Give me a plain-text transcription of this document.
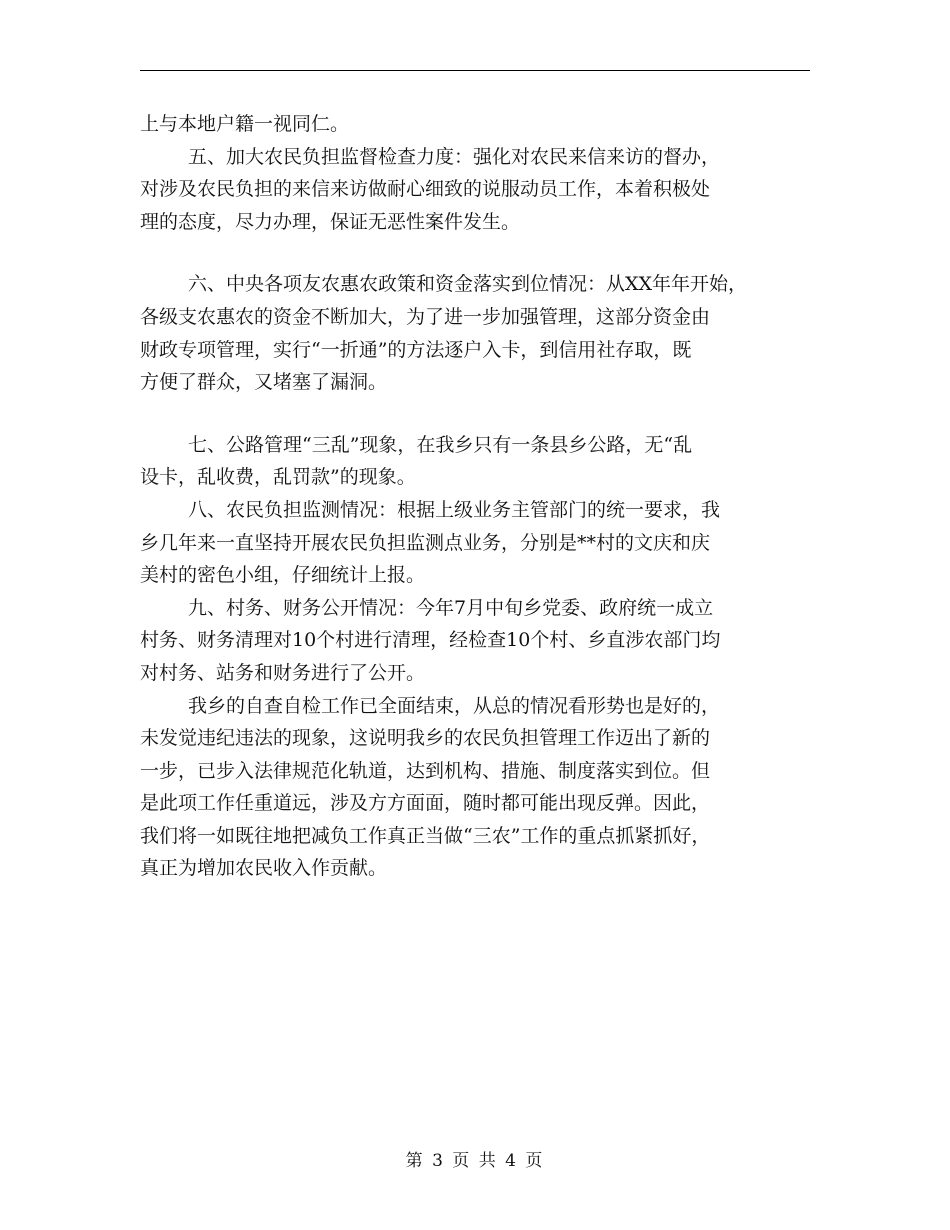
上与本地户籍一视同仁。
五、加大农民负担监督检查力度：强化对农民来信来访的督办，
对涉及农民负担的来信来访做耐心细致的说服动员工作，本着积极处
理的态度，尽力办理，保证无恶性案件发生。
六、中央各项友农惠农政策和资金落实到位情况：从XX年年开始，
各级支农惠农的资金不断加大，为了进一步加强管理，这部分资金由
财政专项管理，实行“一折通”的方法逐户入卡，到信用社存取，既
方便了群众，又堵塞了漏洞。
七、公路管理“三乱”现象，在我乡只有一条县乡公路，无“乱
设卡，乱收费，乱罚款”的现象。
八、农民负担监测情况：根据上级业务主管部门的统一要求，我
乡几年来一直坚持开展农民负担监测点业务，分别是**村的文庆和庆
美村的密色小组，仔细统计上报。
九、村务、财务公开情况：今年7月中旬乡党委、政府统一成立
村务、财务清理对10个村进行清理，经检查10个村、乡直涉农部门均
对村务、站务和财务进行了公开。
我乡的自查自检工作已全面结束，从总的情况看形势也是好的，
未发觉违纪违法的现象，这说明我乡的农民负担管理工作迈出了新的
一步，已步入法律规范化轨道，达到机构、措施、制度落实到位。但
是此项工作任重道远，涉及方方面面，随时都可能出现反弹。因此，
我们将一如既往地把减负工作真正当做“三农”工作的重点抓紧抓好，
真正为增加农民收入作贡献。
第 3 页 共 4 页
